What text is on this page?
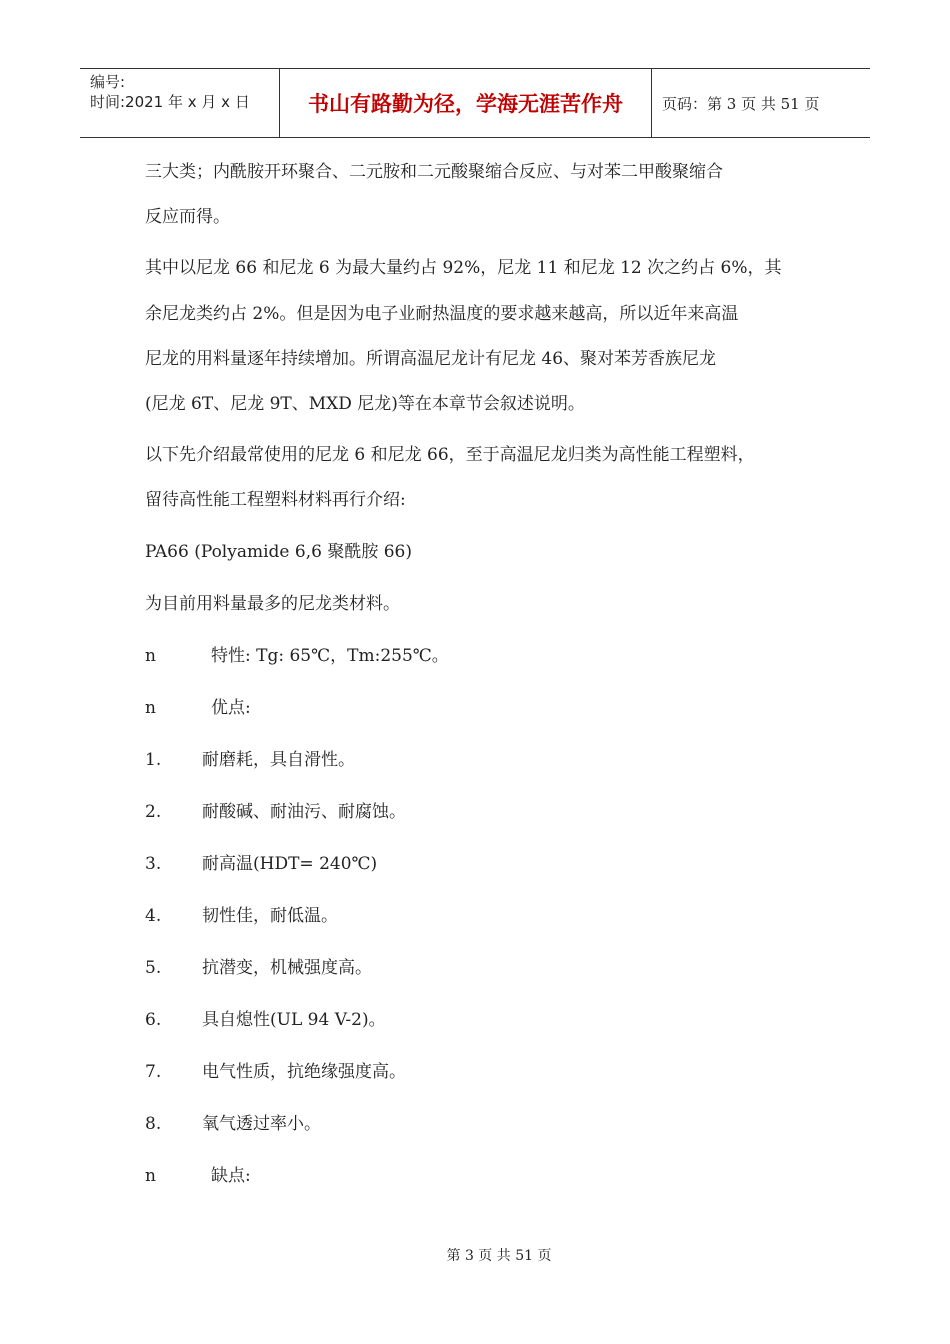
编号:
时间:2021 年 x 月 x 日	书山有路勤为径，学海无涯苦作舟	页码：第 3 页 共 51 页
三大类；内酰胺开环聚合、二元胺和二元酸聚缩合反应、与对苯二甲酸聚缩合
反应而得。
其中以尼龙 66 和尼龙 6 为最大量约占 92%，尼龙 11 和尼龙 12 次之约占 6%，其
余尼龙类约占 2%。但是因为电子业耐热温度的要求越来越高，所以近年来高温
尼龙的用料量逐年持续增加。所谓高温尼龙计有尼龙 46、聚对苯芳香族尼龙
(尼龙 6T、尼龙 9T、MXD 尼龙)等在本章节会叙述说明。
以下先介绍最常使用的尼龙 6 和尼龙 66，至于高温尼龙归类为高性能工程塑料，
留待高性能工程塑料材料再行介绍:
PA66 (Polyamide 6,6 聚酰胺 66)
为目前用料量最多的尼龙类材料。
n	特性: Tg: 65℃，Tm:255℃。
n	优点:
1. 耐磨耗，具自滑性。
2. 耐酸碱、耐油污、耐腐蚀。
3. 耐高温(HDT= 240℃)
4. 韧性佳，耐低温。
5. 抗潜变，机械强度高。
6. 具自熄性(UL 94 V-2)。
7. 电气性质，抗绝缘强度高。
8. 氧气透过率小。
n	缺点:
第 3 页 共 51 页
